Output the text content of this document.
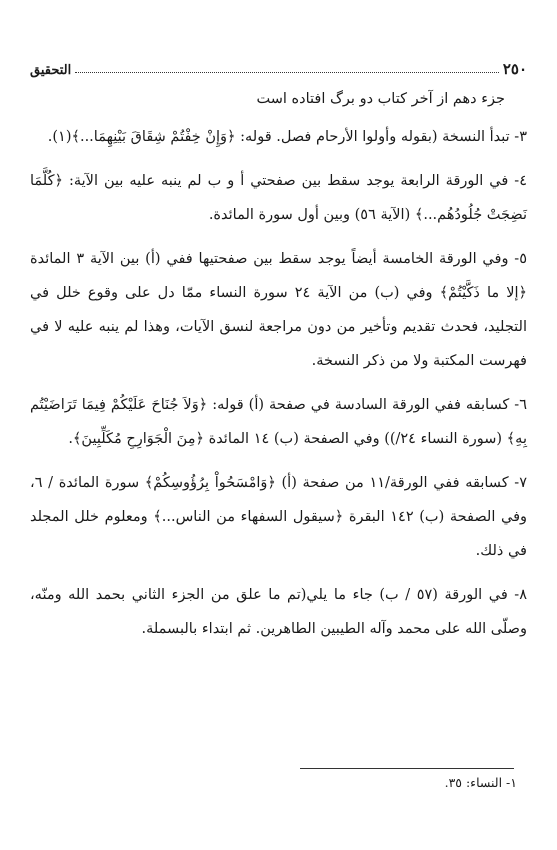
التحقيق	٢٥٠

جزء دهم از آخر کتاب دو برگ افتاده است

٣- تبدأ النسخة (بقوله وأولوا الأرحام فصل. قوله: ﴿وَإِنْ خِفْتُمْ شِقَاقَ بَيْنِهِمَا...﴾(١).

٤- في الورقة الرابعة يوجد سقط بين صفحتي أ و ب لم ينبه عليه بين الآية: ﴿كُلَّمَا نَضِجَتْ جُلُودُهُم...﴾ (الآية ٥٦) وبين أول سورة المائدة.

٥- وفي الورقة الخامسة أيضاً يوجد سقط بين صفحتيها ففي (أ) بين الآية ٣ المائدة ﴿إلا ما ذَكَّيْتُمْ﴾ وفي (ب) من الآية ٢٤ سورة النساء ممّا دل على وقوع خلل في التجليد، فحدث تقديم وتأخير من دون مراجعة لنسق الآيات، وهذا لم ينبه عليه لا في فهرست المكتبة ولا من ذكر النسخة.

٦- كسابقه ففي الورقة السادسة في صفحة (أ) قوله: ﴿وَلاَ جُنَاحَ عَلَيْكُمْ فِيمَا تَرَاضَيْتُم بِهِ﴾ (سورة النساء ٢٤/)) وفي الصفحة (ب) ١٤ المائدة ﴿مِنَ الْجَوَارِحِ مُكَلِّبِينَ﴾.

٧- كسابقه ففي الورقة/١١ من صفحة (أ) ﴿وَامْسَحُواْ بِرُؤُوسِكُمْ﴾ سورة المائدة / ٦، وفي الصفحة (ب) ١٤٢ البقرة ﴿سيقول السفهاء من الناس...﴾ ومعلوم خلل المجلد في ذلك.

٨- في الورقة (٥٧ / ب) جاء ما يلي(تم ما علق من الجزء الثاني بحمد الله ومنّه، وصلّى الله على محمد وآله الطيبين الطاهرين. ثم ابتداء بالبسملة.

١- النساء: ٣٥.
